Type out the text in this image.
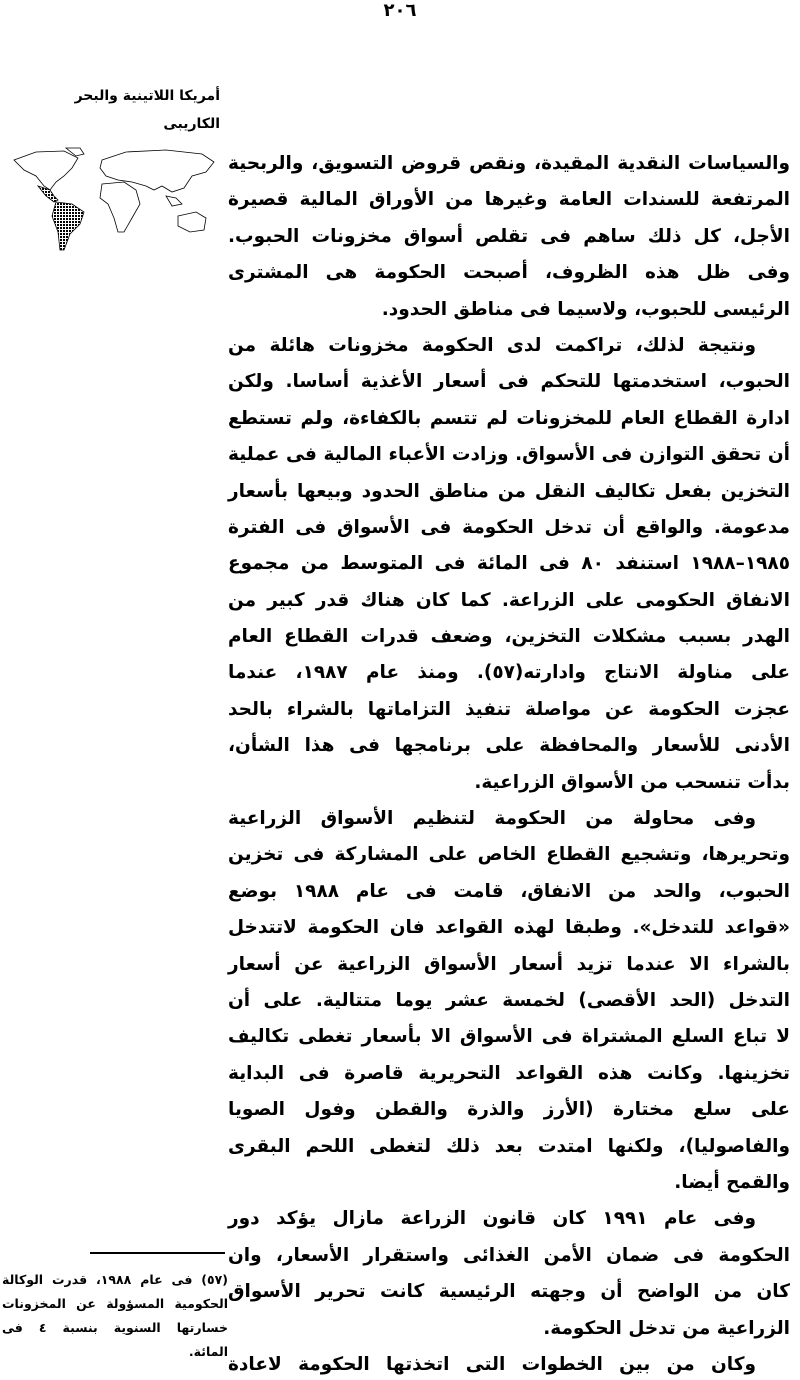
٢٠٦
أمريكا اللاتينية والبحر
الكاريبى
والسياسات النقدية المقيدة، ونقص قروض التسويق، والربحية
المرتفعة للسندات العامة وغيرها من الأوراق المالية قصيرة
الأجل، كل ذلك ساهم فى تقلص أسواق مخزونات الحبوب.
وفى ظل هذه الظروف، أصبحت الحكومة هى المشترى
الرئيسى للحبوب، ولاسيما فى مناطق الحدود.
ونتيجة لذلك، تراكمت لدى الحكومة مخزونات هائلة من
الحبوب، استخدمتها للتحكم فى أسعار الأغذية أساسا. ولكن
ادارة القطاع العام للمخزونات لم تتسم بالكفاءة، ولم تستطع
أن تحقق التوازن فى الأسواق. وزادت الأعباء المالية فى عملية
التخزين بفعل تكاليف النقل من مناطق الحدود وبيعها بأسعار
مدعومة. والواقع أن تدخل الحكومة فى الأسواق فى الفترة
١٩٨٥–١٩٨٨ استنفد ٨٠ فى المائة فى المتوسط من مجموع
الانفاق الحكومى على الزراعة. كما كان هناك قدر كبير من
الهدر بسبب مشكلات التخزين، وضعف قدرات القطاع العام
على مناولة الانتاج وادارته(٥٧). ومنذ عام ١٩٨٧، عندما
عجزت الحكومة عن مواصلة تنفيذ التزاماتها بالشراء بالحد
الأدنى للأسعار والمحافظة على برنامجها فى هذا الشأن،
بدأت تنسحب من الأسواق الزراعية.
وفى محاولة من الحكومة لتنظيم الأسواق الزراعية
وتحريرها، وتشجيع القطاع الخاص على المشاركة فى تخزين
الحبوب، والحد من الانفاق، قامت فى عام ١٩٨٨ بوضع
«قواعد للتدخل». وطبقا لهذه القواعد فان الحكومة لاتتدخل
بالشراء الا عندما تزيد أسعار الأسواق الزراعية عن أسعار
التدخل (الحد الأقصى) لخمسة عشر يوما متتالية. على أن
لا تباع السلع المشتراة فى الأسواق الا بأسعار تغطى تكاليف
تخزينها. وكانت هذه القواعد التحريرية قاصرة فى البداية
على سلع مختارة (الأرز والذرة والقطن وفول الصويا
والفاصوليا)، ولكنها امتدت بعد ذلك لتغطى اللحم البقرى
والقمح أيضا.
وفى عام ١٩٩١ كان قانون الزراعة مازال يؤكد دور
الحكومة فى ضمان الأمن الغذائى واستقرار الأسعار، وان
كان من الواضح أن وجهته الرئيسية كانت تحرير الأسواق
الزراعية من تدخل الحكومة.
وكان من بين الخطوات التى اتخذتها الحكومة لاعادة
(٥٧) فى عام ١٩٨٨، قدرت الوكالة
الحكومية المسؤولة عن المخزونات
خسارتها السنوية بنسبة ٤ فى
المائة.
